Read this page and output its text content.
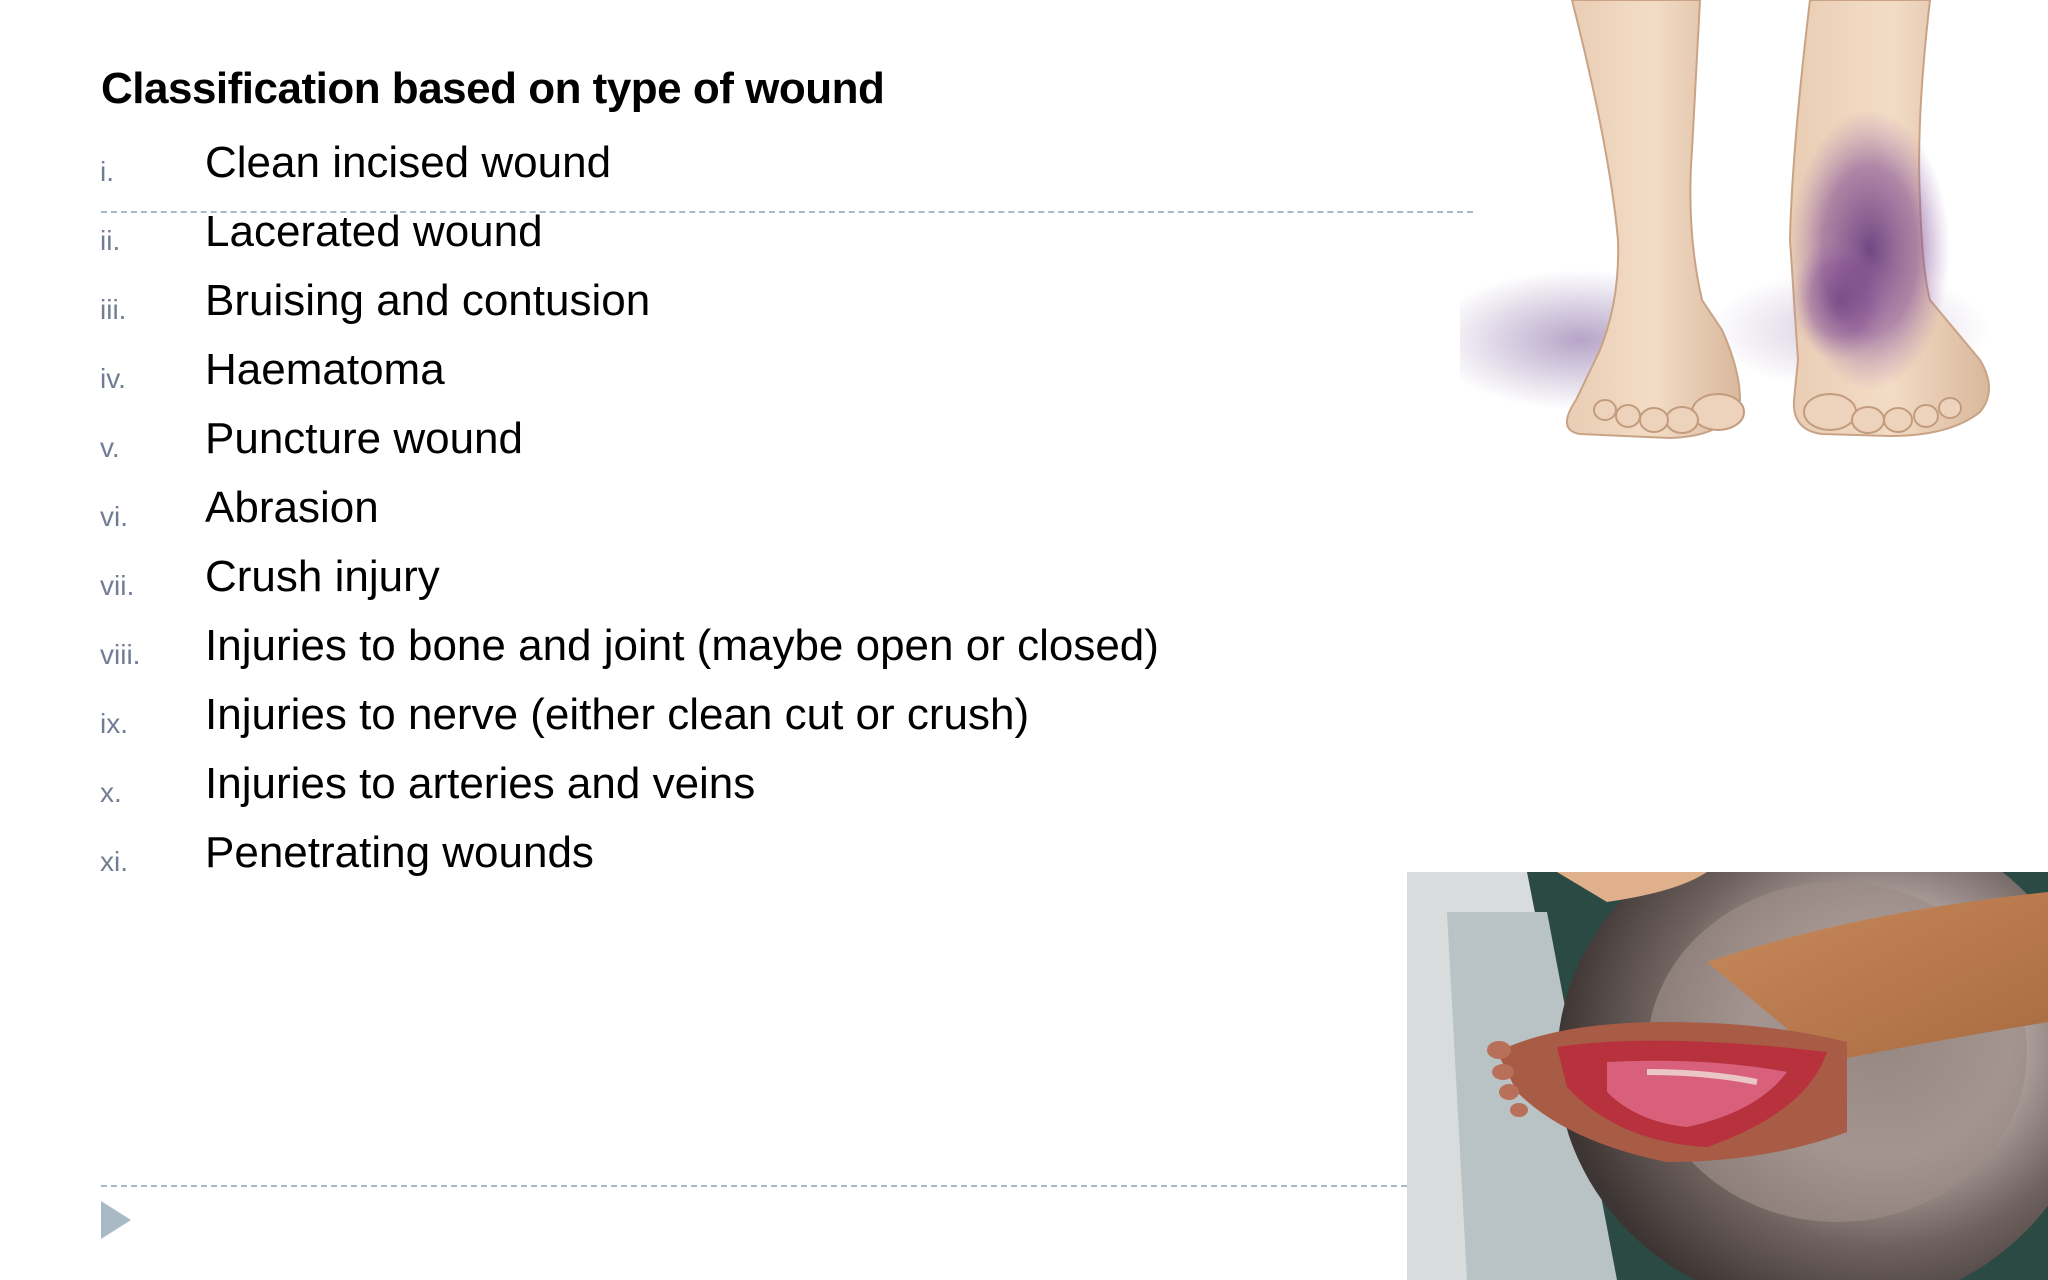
Classification based on type of wound
i. Clean incised wound
ii. Lacerated wound
iii. Bruising and contusion
iv. Haematoma
v. Puncture wound
vi. Abrasion
vii. Crush injury
viii. Injuries to bone and joint (maybe open or closed)
ix. Injuries to nerve (either clean cut or crush)
x. Injuries to arteries and veins
xi. Penetrating wounds
